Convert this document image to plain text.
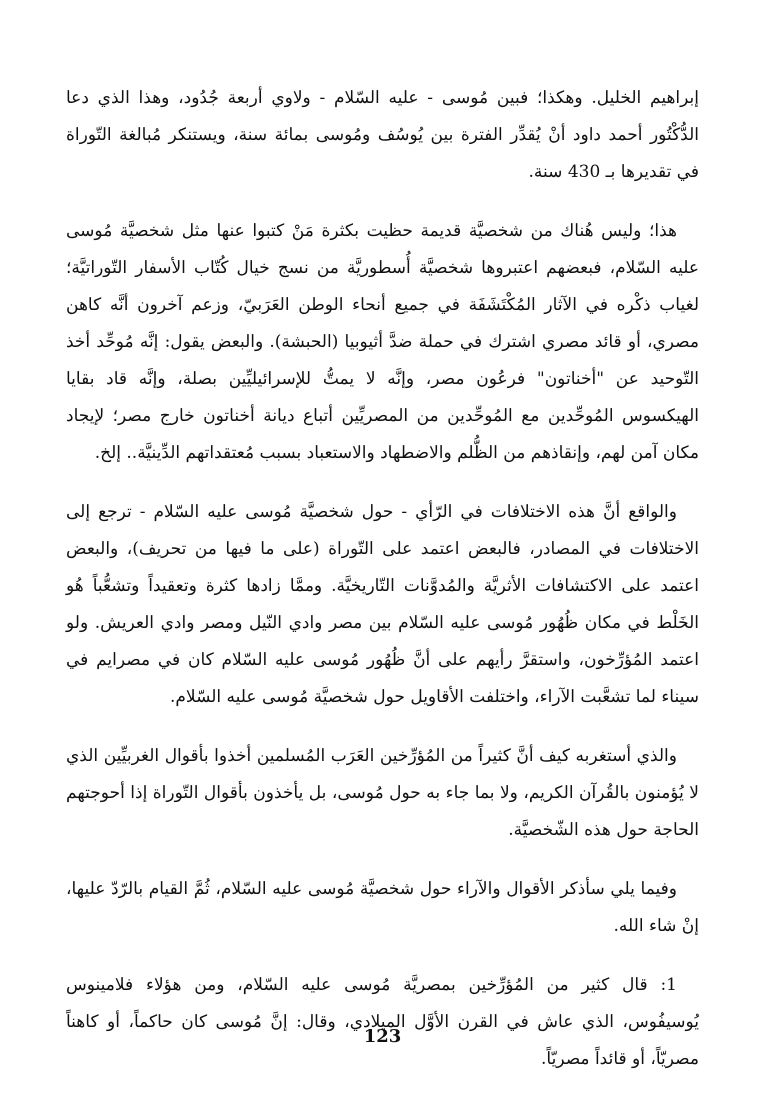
إبراهيم الخليل. وهكذا؛ فبين مُوسى - عليه السّلام - ولاوي أربعة جُدُود، وهذا الذي دعا الدُّكْتُور أحمد داود أنْ يُقدِّر الفترة بين يُوسُف ومُوسى بمائة سنة، ويستنكر مُبالغة التّوراة في تقديرها بـ 430 سنة.

هذا؛ وليس هُناك من شخصيَّة قديمة حظيت بكثرة مَنْ كتبوا عنها مثل شخصيَّة مُوسى عليه السّلام، فبعضهم اعتبروها شخصيَّة أُسطوريَّة من نسج خيال كُتّاب الأسفار التّوراتيَّة؛ لغياب ذكْره في الآثار المُكْتَشَفَة في جميع أنحاء الوطن العَرَبيّ، وزعم آخرون أنَّه كاهن مصري، أو قائد مصري اشترك في حملة ضدَّ أثيوبيا (الحبشة). والبعض يقول: إنَّه مُوحِّد أخذ التّوحيد عن "أخناتون" فرعُون مصر، وإنَّه لا يمتُّ للإسرائيليِّين بصلة، وإنَّه قاد بقايا الهيكسوس المُوحِّدين مع المُوحِّدين من المصريِّين أتباع ديانة أخناتون خارج مصر؛ لإيجاد مكان آمن لهم، وإنقاذهم من الظُّلم والاضطهاد والاستعباد بسبب مُعتقداتهم الدِّينيَّة.. إلخ.

والواقع أنَّ هذه الاختلافات في الرّأي - حول شخصيَّة مُوسى عليه السّلام - ترجع إلى الاختلافات في المصادر، فالبعض اعتمد على التّوراة (على ما فيها من تحريف)، والبعض اعتمد على الاكتشافات الأثريَّة والمُدوَّنات التّاريخيَّة. وممَّا زادها كثرة وتعقيداً وتشعُّباً هُو الخَلْط في مكان ظُهُور مُوسى عليه السّلام بين مصر وادي النّيل ومصر وادي العريش. ولو اعتمد المُؤرِّخون، واستقرَّ رأيهم على أنَّ ظُهُور مُوسى عليه السّلام كان في مصرايم في سيناء لما تشعَّبت الآراء، واختلفت الأقاويل حول شخصيَّة مُوسى عليه السّلام.

والذي أستغربه كيف أنَّ كثيراً من المُؤرِّخين العَرَب المُسلمين أخذوا بأقوال الغربيِّين الذي لا يُؤمنون بالقُرآن الكريم، ولا بما جاء به حول مُوسى، بل يأخذون بأقوال التّوراة إذا أحوجتهم الحاجة حول هذه الشّخصيَّة.

وفيما يلي سأذكر الأقوال والآراء حول شخصيَّة مُوسى عليه السّلام، ثُمَّ القيام بالرّدّ عليها، إنْ شاء الله.

1: قال كثير من المُؤرِّخين بمصريَّة مُوسى عليه السّلام، ومن هؤلاء فلامينوس يُوسيفُوس، الذي عاش في القرن الأوَّل الميلادي، وقال: إنَّ مُوسى كان حاكماً، أو كاهناً مصريّاً، أو قائداً مصريّاً.

123
